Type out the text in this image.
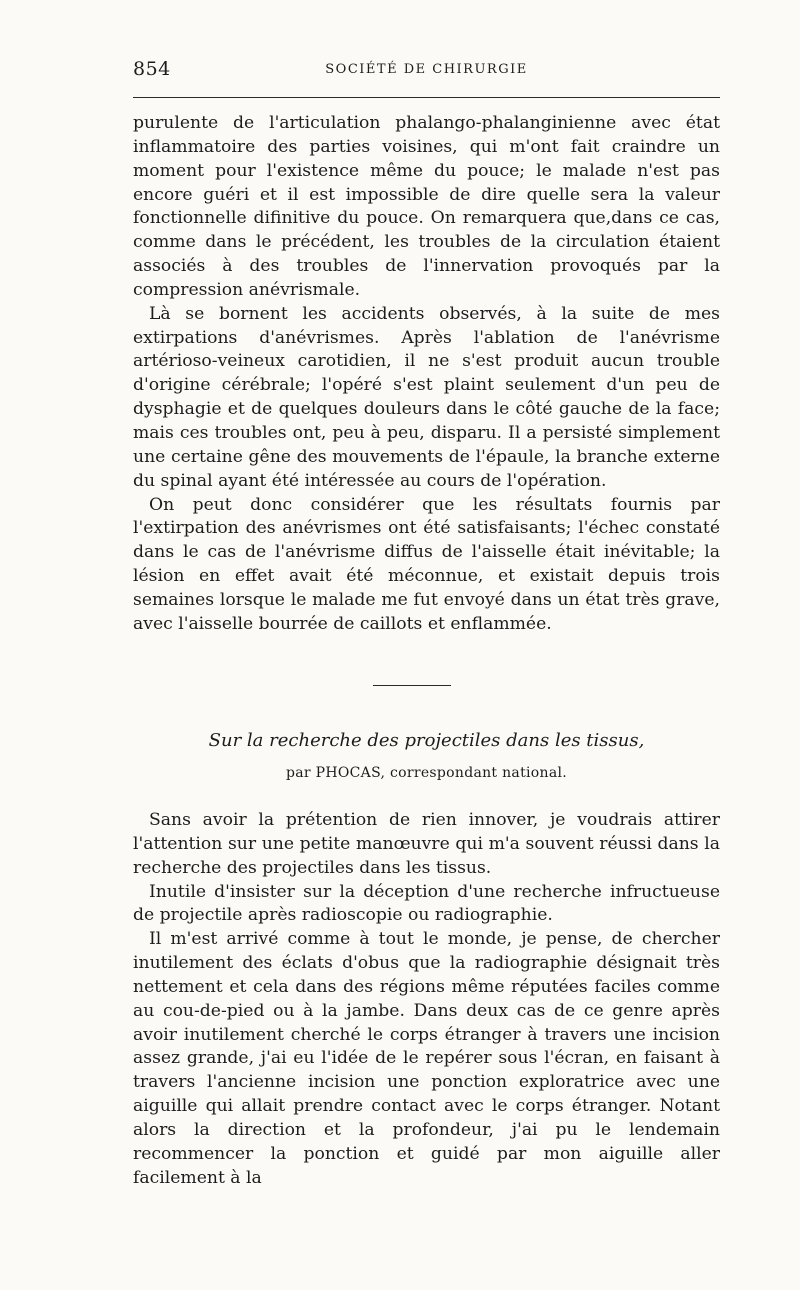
854	SOCIÉTÉ DE CHIRURGIE

purulente de l'articulation phalango-phalanginienne avec état inflammatoire des parties voisines, qui m'ont fait craindre un moment pour l'existence même du pouce; le malade n'est pas encore guéri et il est impossible de dire quelle sera la valeur fonctionnelle difinitive du pouce. On remarquera que,dans ce cas, comme dans le précédent, les troubles de la circulation étaient associés à des troubles de l'innervation provoqués par la compression anévrismale.

Là se bornent les accidents observés, à la suite de mes extirpations d'anévrismes. Après l'ablation de l'anévrisme artérioso-veineux carotidien, il ne s'est produit aucun trouble d'origine cérébrale; l'opéré s'est plaint seulement d'un peu de dysphagie et de quelques douleurs dans le côté gauche de la face; mais ces troubles ont, peu à peu, disparu. Il a persisté simplement une certaine gêne des mouvements de l'épaule, la branche externe du spinal ayant été intéressée au cours de l'opération.

On peut donc considérer que les résultats fournis par l'extirpation des anévrismes ont été satisfaisants; l'échec constaté dans le cas de l'anévrisme diffus de l'aisselle était inévitable; la lésion en effet avait été méconnue, et existait depuis trois semaines lorsque le malade me fut envoyé dans un état très grave, avec l'aisselle bourrée de caillots et enflammée.

Sur la recherche des projectiles dans les tissus,
par PHOCAS, correspondant national.

Sans avoir la prétention de rien innover, je voudrais attirer l'attention sur une petite manœuvre qui m'a souvent réussi dans la recherche des projectiles dans les tissus.

Inutile d'insister sur la déception d'une recherche infructueuse de projectile après radioscopie ou radiographie.

Il m'est arrivé comme à tout le monde, je pense, de chercher inutilement des éclats d'obus que la radiographie désignait très nettement et cela dans des régions même réputées faciles comme au cou-de-pied ou à la jambe. Dans deux cas de ce genre après avoir inutilement cherché le corps étranger à travers une incision assez grande, j'ai eu l'idée de le repérer sous l'écran, en faisant à travers l'ancienne incision une ponction exploratrice avec une aiguille qui allait prendre contact avec le corps étranger. Notant alors la direction et la profondeur, j'ai pu le lendemain recommencer la ponction et guidé par mon aiguille aller facilement à la
